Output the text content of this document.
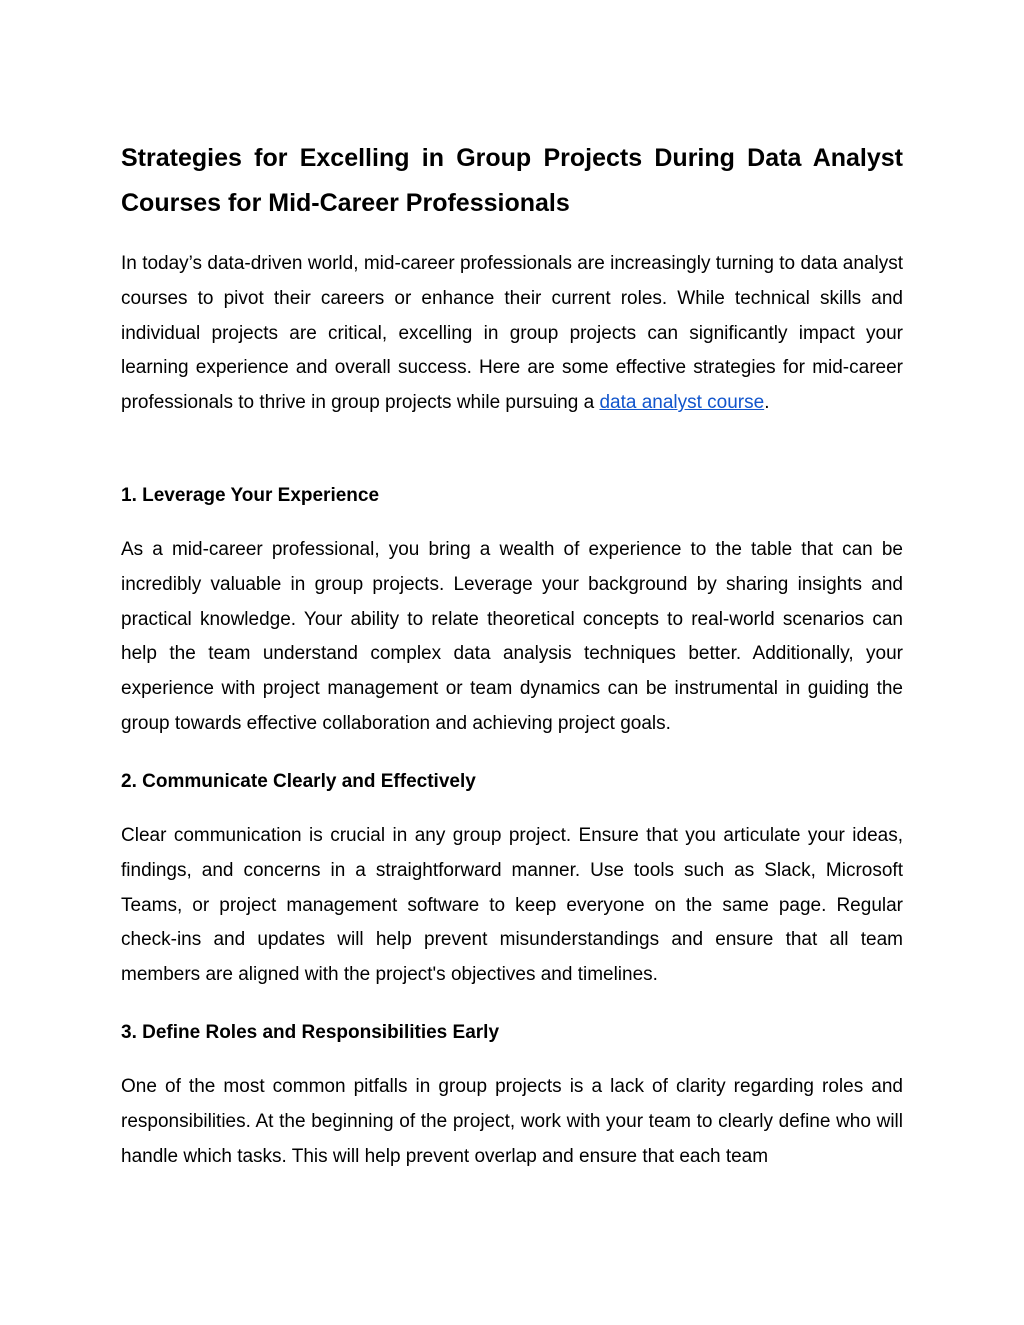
Strategies for Excelling in Group Projects During Data Analyst Courses for Mid-Career Professionals

In today’s data-driven world, mid-career professionals are increasingly turning to data analyst courses to pivot their careers or enhance their current roles. While technical skills and individual projects are critical, excelling in group projects can significantly impact your learning experience and overall success. Here are some effective strategies for mid-career professionals to thrive in group projects while pursuing a data analyst course.

1. Leverage Your Experience

As a mid-career professional, you bring a wealth of experience to the table that can be incredibly valuable in group projects. Leverage your background by sharing insights and practical knowledge. Your ability to relate theoretical concepts to real-world scenarios can help the team understand complex data analysis techniques better. Additionally, your experience with project management or team dynamics can be instrumental in guiding the group towards effective collaboration and achieving project goals.

2. Communicate Clearly and Effectively

Clear communication is crucial in any group project. Ensure that you articulate your ideas, findings, and concerns in a straightforward manner. Use tools such as Slack, Microsoft Teams, or project management software to keep everyone on the same page. Regular check-ins and updates will help prevent misunderstandings and ensure that all team members are aligned with the project's objectives and timelines.

3. Define Roles and Responsibilities Early

One of the most common pitfalls in group projects is a lack of clarity regarding roles and responsibilities. At the beginning of the project, work with your team to clearly define who will handle which tasks. This will help prevent overlap and ensure that each team
